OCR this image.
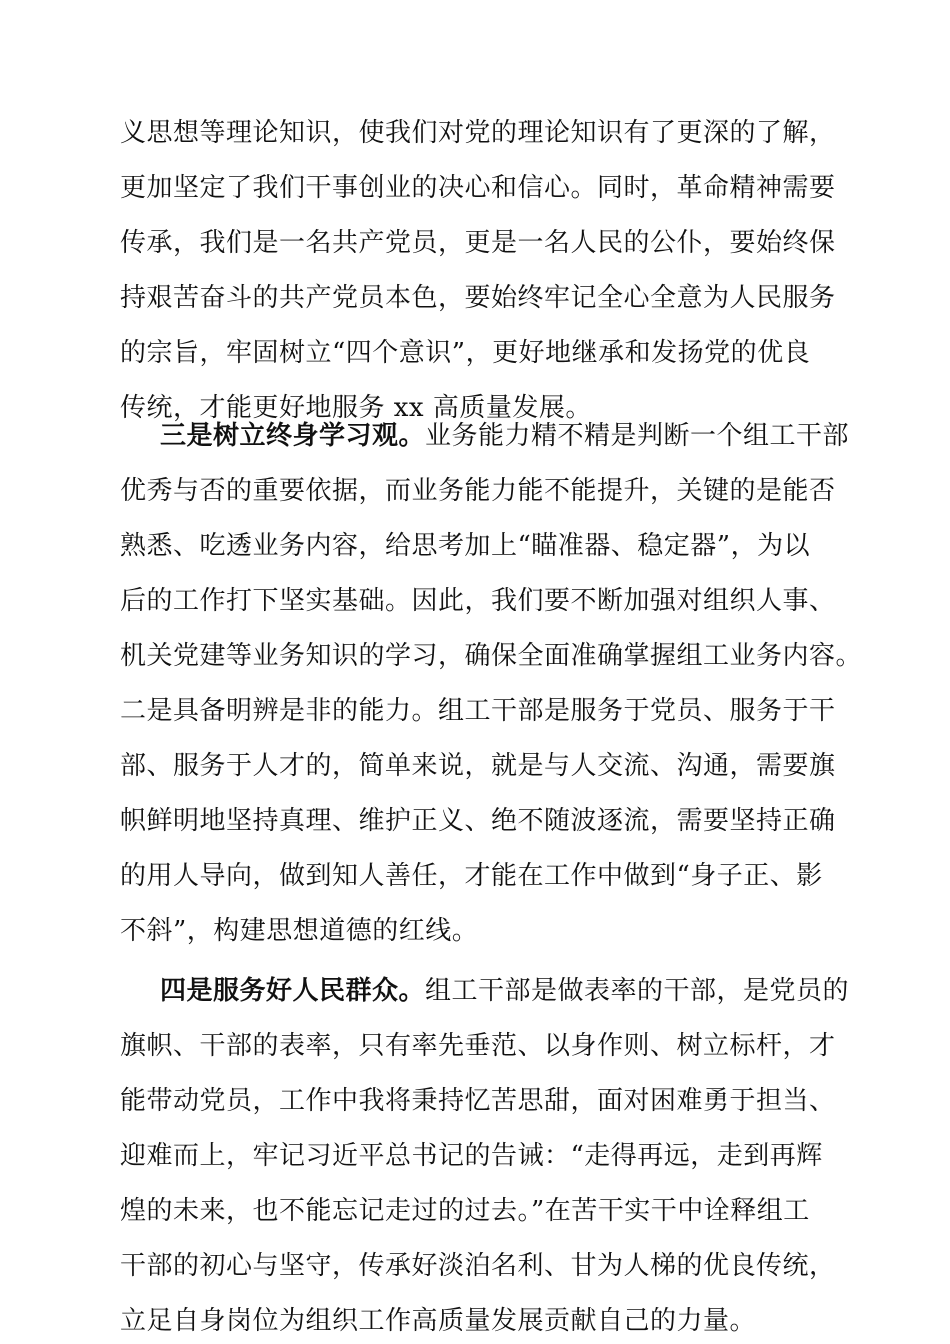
义思想等理论知识，使我们对党的理论知识有了更深的了解，
更加坚定了我们干事创业的决心和信心。同时，革命精神需要
传承，我们是一名共产党员，更是一名人民的公仆，要始终保
持艰苦奋斗的共产党员本色，要始终牢记全心全意为人民服务
的宗旨，牢固树立“四个意识”，更好地继承和发扬党的优良
传统，才能更好地服务 xx 高质量发展。
三是树立终身学习观。业务能力精不精是判断一个组工干部
优秀与否的重要依据，而业务能力能不能提升，关键的是能否
熟悉、吃透业务内容，给思考加上“瞄准器、稳定器”，为以
后的工作打下坚实基础。因此，我们要不断加强对组织人事、
机关党建等业务知识的学习，确保全面准确掌握组工业务内容。
二是具备明辨是非的能力。组工干部是服务于党员、服务于干
部、服务于人才的，简单来说，就是与人交流、沟通，需要旗
帜鲜明地坚持真理、维护正义、绝不随波逐流，需要坚持正确
的用人导向，做到知人善任，才能在工作中做到“身子正、影
不斜”，构建思想道德的红线。
四是服务好人民群众。组工干部是做表率的干部，是党员的
旗帜、干部的表率，只有率先垂范、以身作则、树立标杆，才
能带动党员，工作中我将秉持忆苦思甜，面对困难勇于担当、
迎难而上，牢记习近平总书记的告诫：“走得再远，走到再辉
煌的未来，也不能忘记走过的过去。”在苦干实干中诠释组工
干部的初心与坚守，传承好淡泊名利、甘为人梯的优良传统，
立足自身岗位为组织工作高质量发展贡献自己的力量。
